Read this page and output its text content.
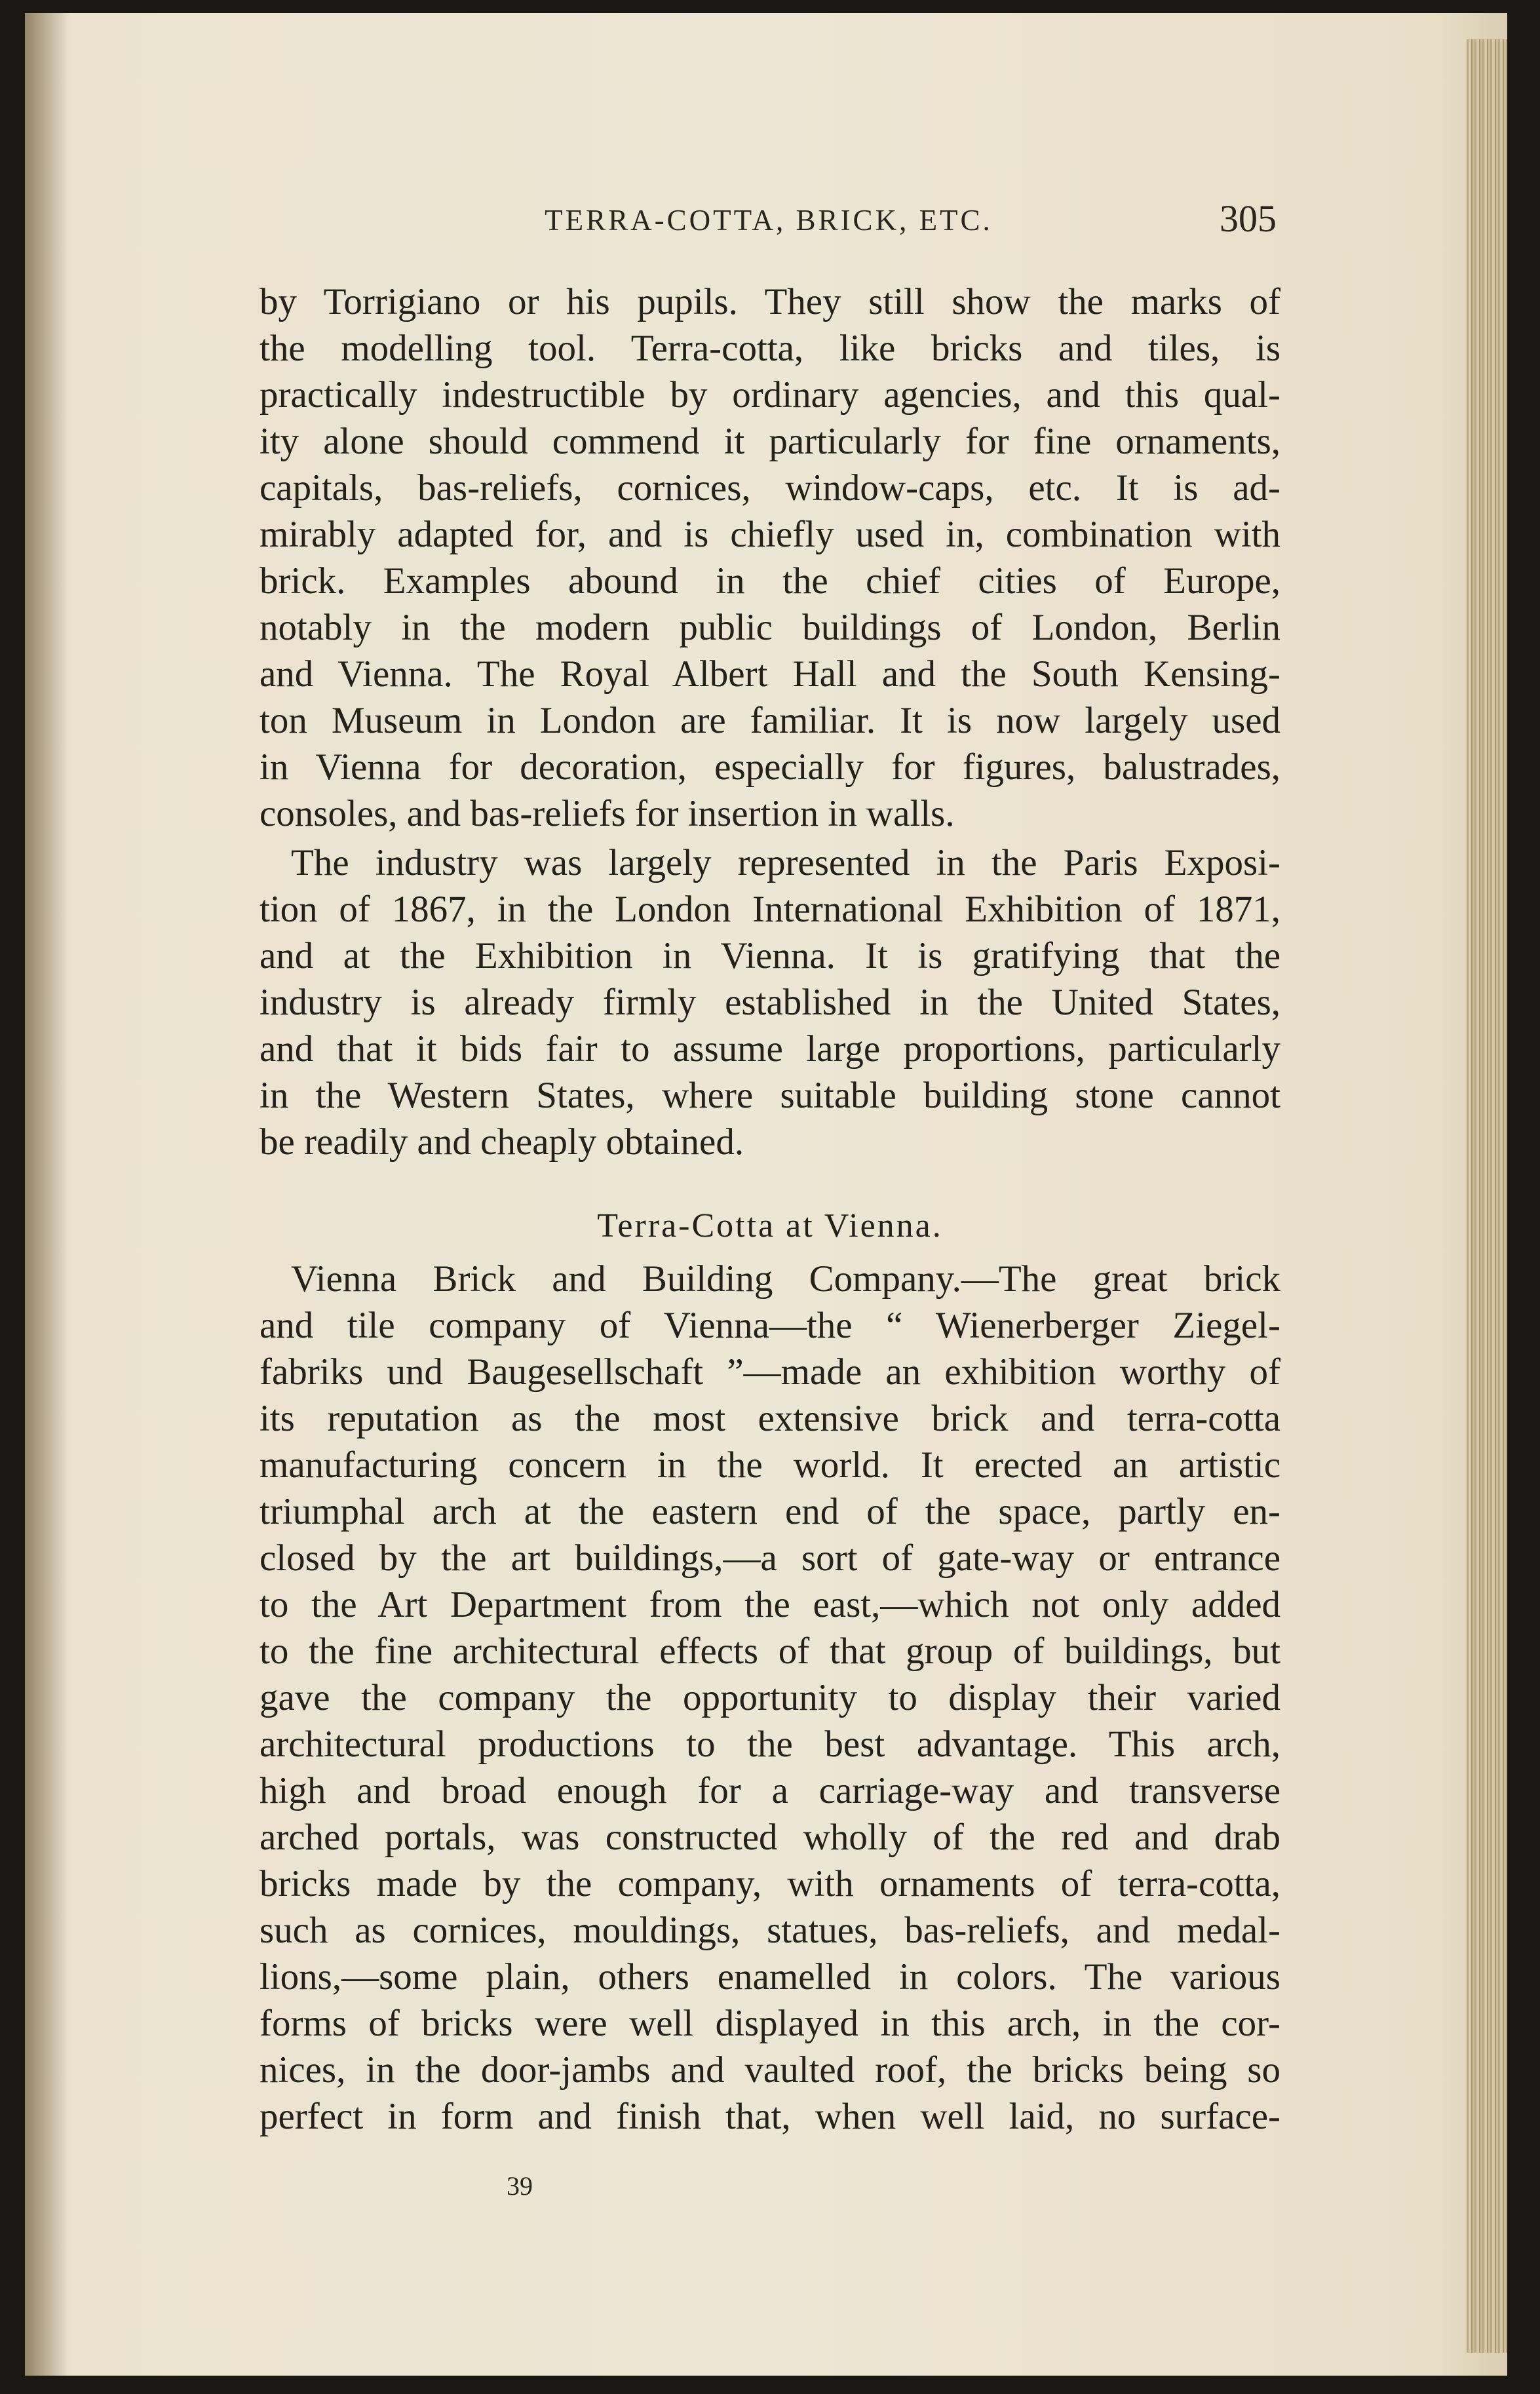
TERRA-COTTA, BRICK, ETC.	305
by Torrigiano or his pupils. They still show the marks of
the modelling tool. Terra-cotta, like bricks and tiles, is
practically indestructible by ordinary agencies, and this qual-
ity alone should commend it particularly for fine ornaments,
capitals, bas-reliefs, cornices, window-caps, etc. It is ad-
mirably adapted for, and is chiefly used in, combination with
brick. Examples abound in the chief cities of Europe,
notably in the modern public buildings of London, Berlin
and Vienna. The Royal Albert Hall and the South Kensing-
ton Museum in London are familiar. It is now largely used
in Vienna for decoration, especially for figures, balustrades,
consoles, and bas-reliefs for insertion in walls.
The industry was largely represented in the Paris Exposi-
tion of 1867, in the London International Exhibition of 1871,
and at the Exhibition in Vienna. It is gratifying that the
industry is already firmly established in the United States,
and that it bids fair to assume large proportions, particularly
in the Western States, where suitable building stone cannot
be readily and cheaply obtained.
Terra-Cotta at Vienna.
Vienna Brick and Building Company.—The great brick
and tile company of Vienna—the “ Wienerberger Ziegel-
fabriks und Baugesellschaft ”—made an exhibition worthy of
its reputation as the most extensive brick and terra-cotta
manufacturing concern in the world. It erected an artistic
triumphal arch at the eastern end of the space, partly en-
closed by the art buildings,—a sort of gate-way or entrance
to the Art Department from the east,—which not only added
to the fine architectural effects of that group of buildings, but
gave the company the opportunity to display their varied
architectural productions to the best advantage. This arch,
high and broad enough for a carriage-way and transverse
arched portals, was constructed wholly of the red and drab
bricks made by the company, with ornaments of terra-cotta,
such as cornices, mouldings, statues, bas-reliefs, and medal-
lions,—some plain, others enamelled in colors. The various
forms of bricks were well displayed in this arch, in the cor-
nices, in the door-jambs and vaulted roof, the bricks being so
perfect in form and finish that, when well laid, no surface-
39
